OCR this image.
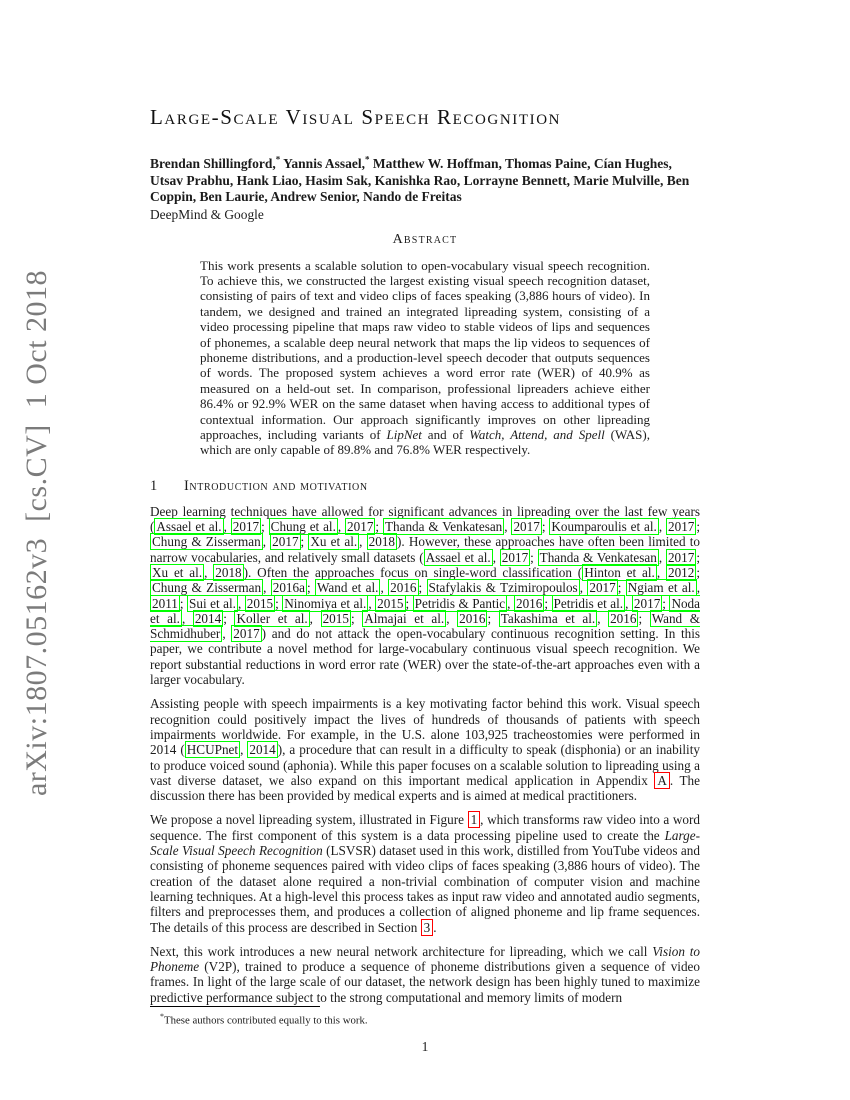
arXiv:1807.05162v3  [cs.CV]  1 Oct 2018
Large-Scale Visual Speech Recognition

Brendan Shillingford,* Yannis Assael,* Matthew W. Hoffman, Thomas Paine, Cían Hughes, Utsav Prabhu, Hank Liao, Hasim Sak, Kanishka Rao, Lorrayne Bennett, Marie Mulville, Ben Coppin, Ben Laurie, Andrew Senior, Nando de Freitas

DeepMind & Google

Abstract

This work presents a scalable solution to open-vocabulary visual speech recognition. To achieve this, we constructed the largest existing visual speech recognition dataset, consisting of pairs of text and video clips of faces speaking (3,886 hours of video). In tandem, we designed and trained an integrated lipreading system, consisting of a video processing pipeline that maps raw video to stable videos of lips and sequences of phonemes, a scalable deep neural network that maps the lip videos to sequences of phoneme distributions, and a production-level speech decoder that outputs sequences of words. The proposed system achieves a word error rate (WER) of 40.9% as measured on a held-out set. In comparison, professional lipreaders achieve either 86.4% or 92.9% WER on the same dataset when having access to additional types of contextual information. Our approach significantly improves on other lipreading approaches, including variants of LipNet and of Watch, Attend, and Spell (WAS), which are only capable of 89.8% and 76.8% WER respectively.

1 Introduction and motivation

Deep learning techniques have allowed for significant advances in lipreading over the last few years ( Assael et al. , 2017 ; Chung et al. , 2017 ; Thanda & Venkatesan , 2017 ; Koumparoulis et al. , 2017 ; Chung & Zisserman , 2017 ; Xu et al. , 2018 ). However, these approaches have often been limited to narrow vocabularies, and relatively small datasets ( Assael et al. , 2017 ; Thanda & Venkatesan , 2017 ; Xu et al. , 2018 ). Often the approaches focus on single-word classification ( Hinton et al. , 2012 ; Chung & Zisserman , 2016a ; Wand et al. , 2016 ; Stafylakis & Tzimiropoulos , 2017 ; Ngiam et al. , 2011 ; Sui et al. , 2015 ; Ninomiya et al. , 2015 ; Petridis & Pantic , 2016 ; Petridis et al. , 2017 ; Noda et al. , 2014 ; Koller et al. , 2015 ; Almajai et al. , 2016 ; Takashima et al. , 2016 ; Wand & Schmidhuber , 2017 ) and do not attack the open-vocabulary continuous recognition setting. In this paper, we contribute a novel method for large-vocabulary continuous visual speech recognition. We report substantial reductions in word error rate (WER) over the state-of-the-art approaches even with a larger vocabulary.

Assisting people with speech impairments is a key motivating factor behind this work. Visual speech recognition could positively impact the lives of hundreds of thousands of patients with speech impairments worldwide. For example, in the U.S. alone 103,925 tracheostomies were performed in 2014 ( HCUPnet , 2014 ), a procedure that can result in a difficulty to speak (disphonia) or an inability to produce voiced sound (aphonia). While this paper focuses on a scalable solution to lipreading using a vast diverse dataset, we also expand on this important medical application in Appendix A . The discussion there has been provided by medical experts and is aimed at medical practitioners.

We propose a novel lipreading system, illustrated in Figure 1 , which transforms raw video into a word sequence. The first component of this system is a data processing pipeline used to create the Large-Scale Visual Speech Recognition (LSVSR) dataset used in this work, distilled from YouTube videos and consisting of phoneme sequences paired with video clips of faces speaking (3,886 hours of video). The creation of the dataset alone required a non-trivial combination of computer vision and machine learning techniques. At a high-level this process takes as input raw video and annotated audio segments, filters and preprocesses them, and produces a collection of aligned phoneme and lip frame sequences. The details of this process are described in Section 3 .

Next, this work introduces a new neural network architecture for lipreading, which we call Vision to Phoneme (V2P), trained to produce a sequence of phoneme distributions given a sequence of video frames. In light of the large scale of our dataset, the network design has been highly tuned to maximize predictive performance subject to the strong computational and memory limits of modern

*These authors contributed equally to this work.

1
